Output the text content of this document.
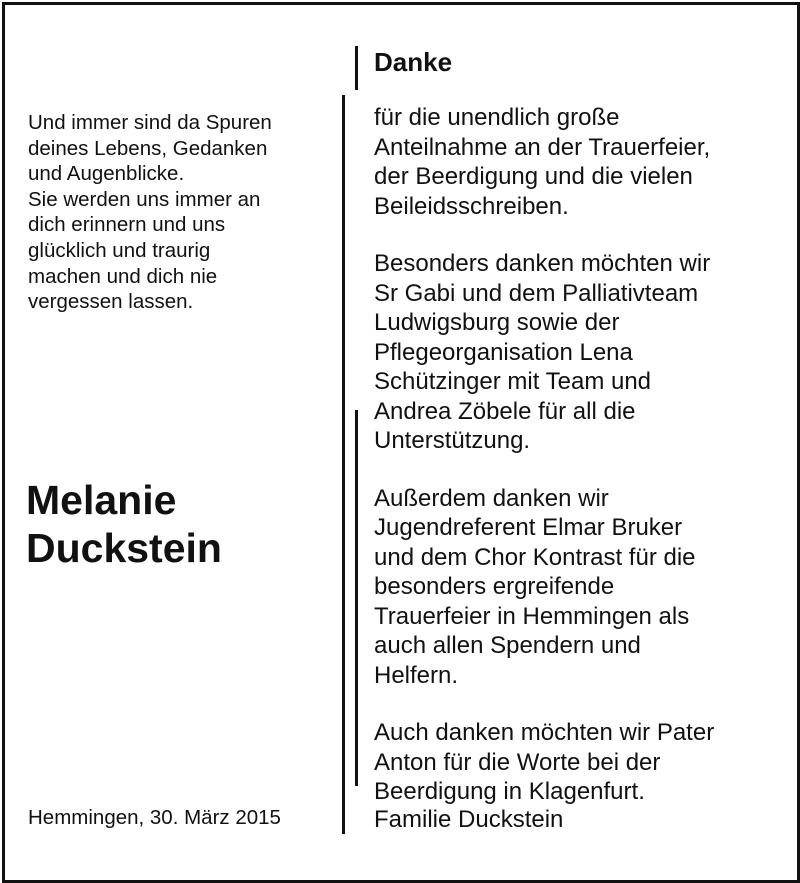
Und immer sind da Spuren
deines Lebens, Gedanken
und Augenblicke.
Sie werden uns immer an
dich erinnern und uns
glücklich und traurig
machen und dich nie
vergessen lassen.
Melanie
Duckstein
Hemmingen, 30. März 2015
Danke
für die unendlich große
Anteilnahme an der Trauerfeier,
der Beerdigung und die vielen
Beileidsschreiben.
Besonders danken möchten wir
Sr Gabi und dem Palliativteam
Ludwigsburg sowie der
Pflegeorganisation Lena
Schützinger mit Team und
Andrea Zöbele für all die
Unterstützung.
Außerdem danken wir
Jugendreferent Elmar Bruker
und dem Chor Kontrast für die
besonders ergreifende
Trauerfeier in Hemmingen als
auch allen Spendern und
Helfern.
Auch danken möchten wir Pater
Anton für die Worte bei der
Beerdigung in Klagenfurt.
Familie Duckstein
